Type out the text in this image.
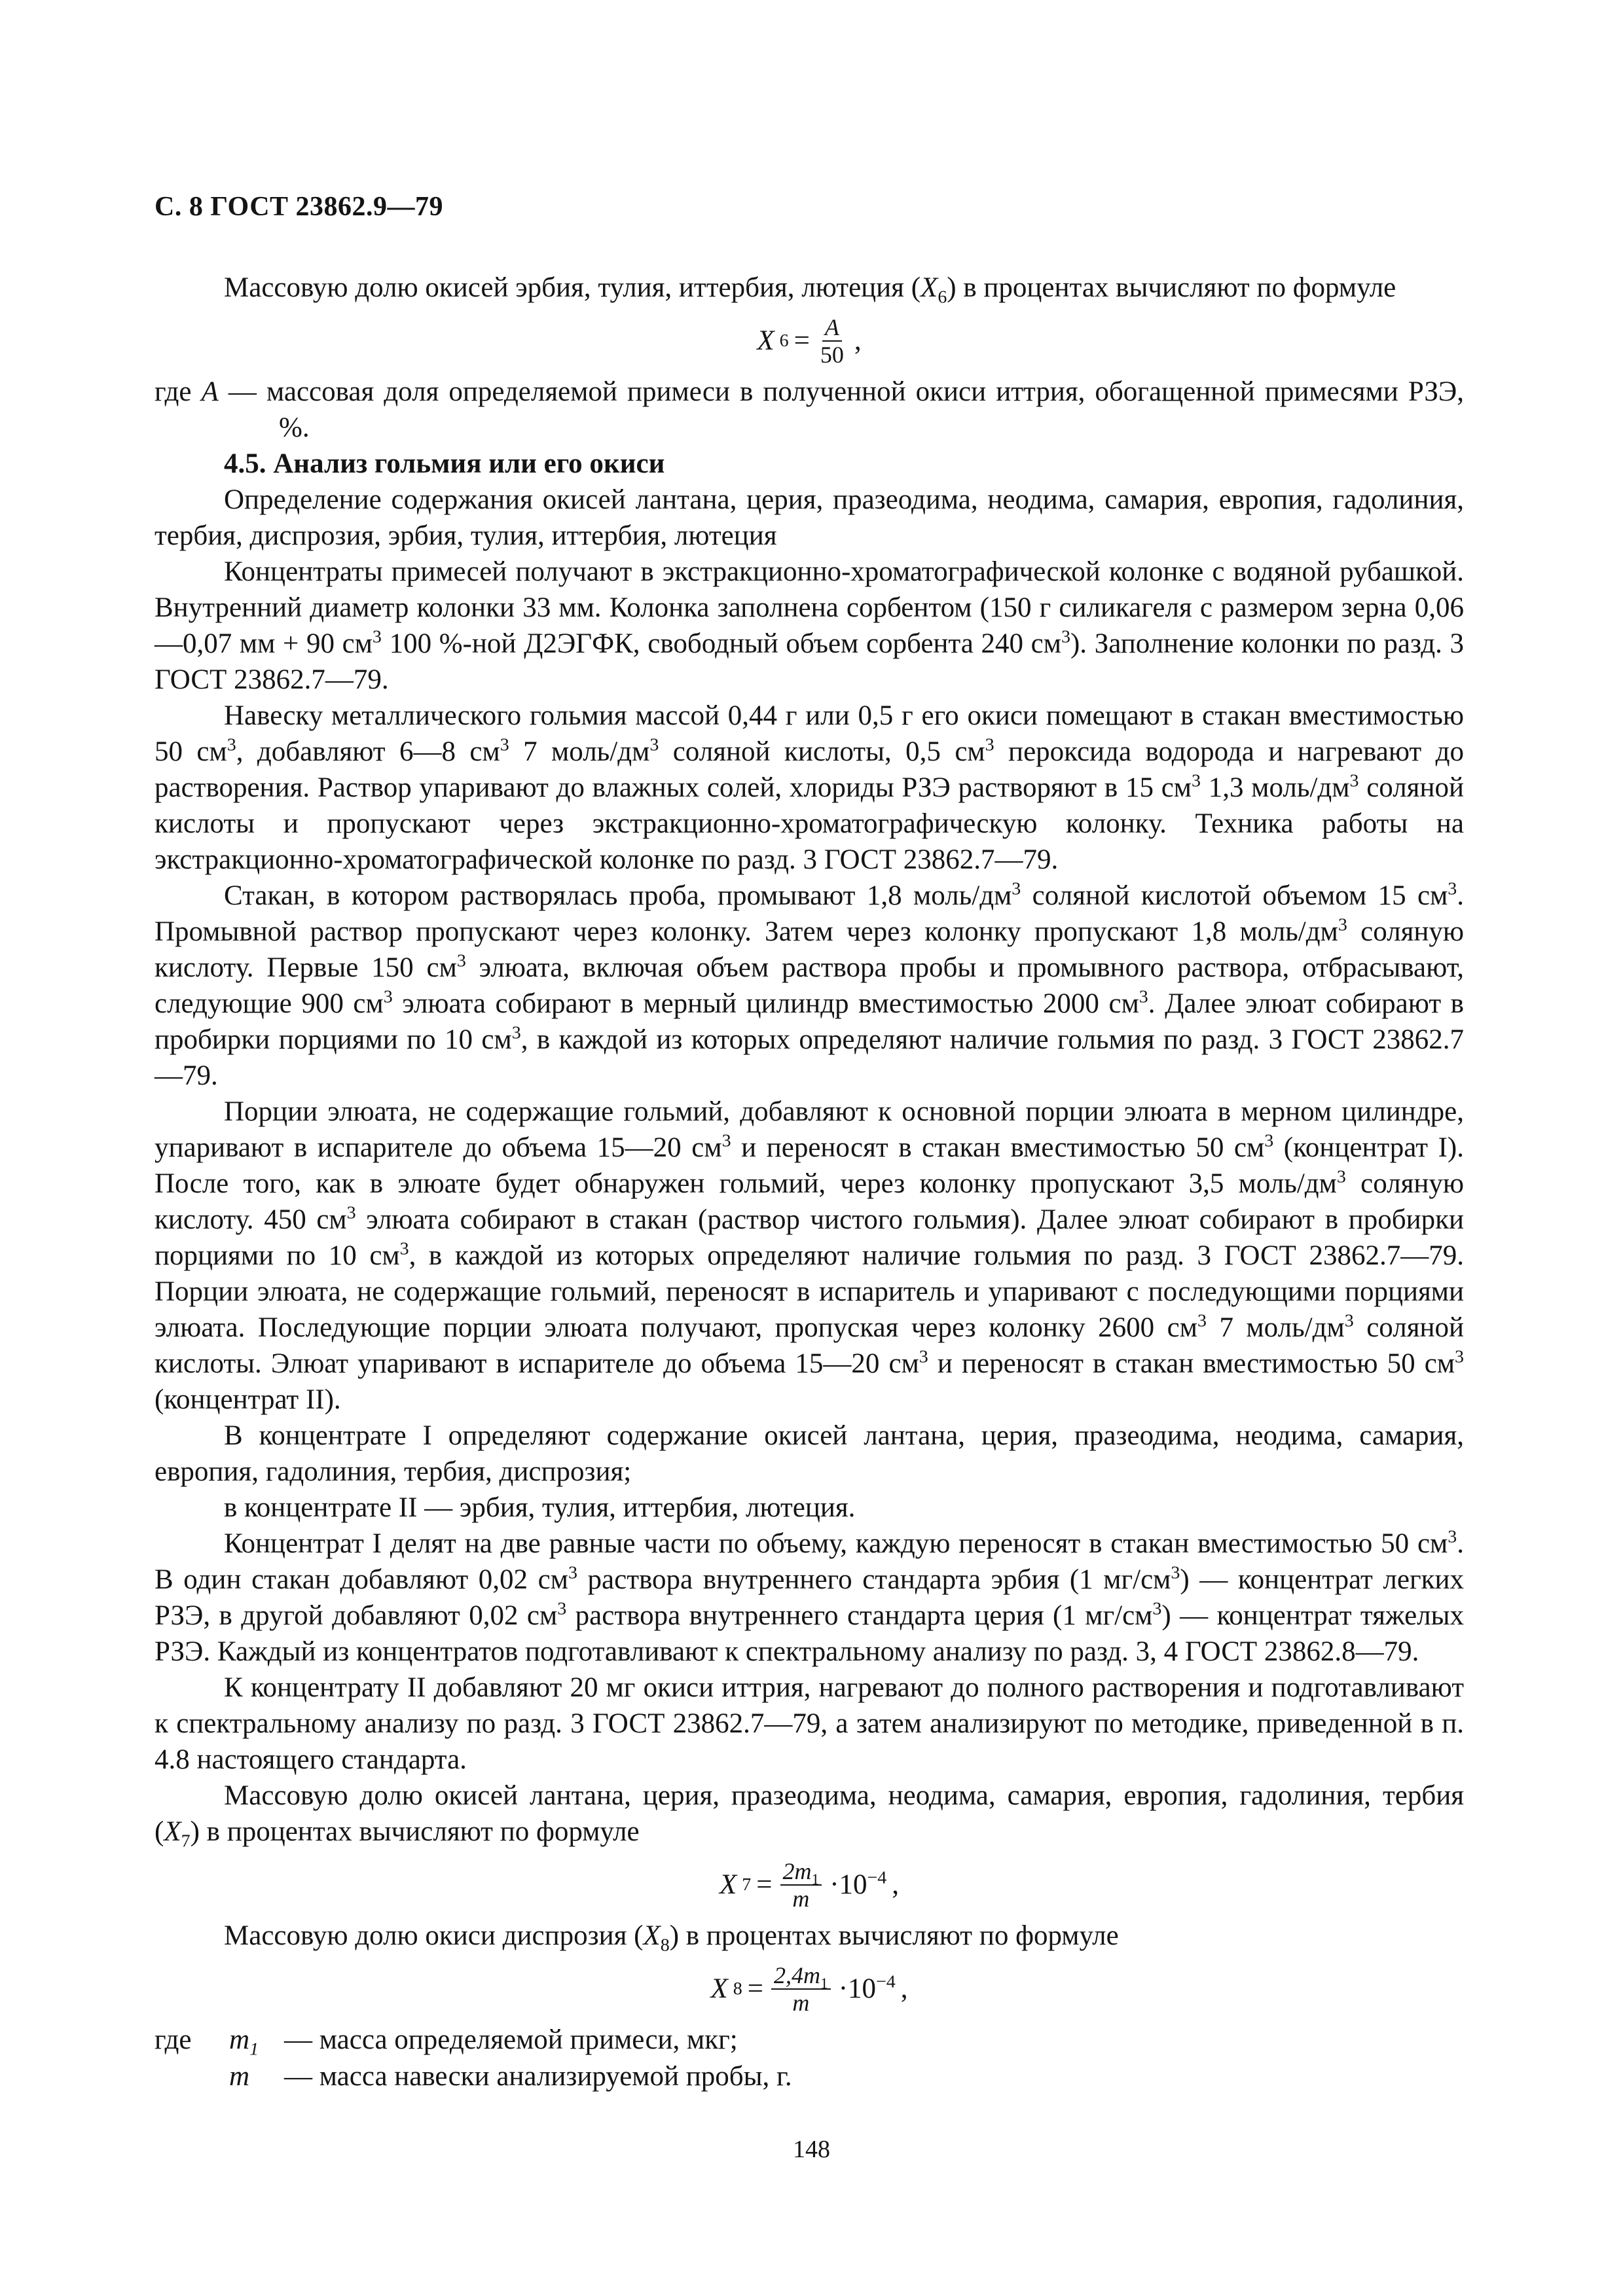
С. 8 ГОСТ 23862.9—79

Массовую долю окисей эрбия, тулия, иттербия, лютеция $(X_6)$ в процентах вычисляют по формуле

X $6 = \frac{A}{50}$ ,

где A — массовая доля определяемой примеси в полученной окиси иттрия, обогащенной примесями РЗЭ, %.

4.5. Анализ гольмия или его окиси

Определение содержания окисей лантана, церия, празеодима, неодима, самария, европия, гадолиния, тербия, диспрозия, эрбия, тулия, иттербия, лютеция

Концентраты примесей получают в экстракционно-хроматографической колонке с водяной рубашкой. Внутренний диаметр колонки 33 мм. Колонка заполнена сорбентом (150 г силикагеля с размером зерна 0,06—0,07 мм + 90 $см^3$ 100 %-ной Д2ЭГФК, свободный объем сорбента 240 $см^3$). Заполнение колонки по разд. 3 ГОСТ 23862.7—79.

Навеску металлического гольмия массой 0,44 г или 0,5 г его окиси помещают в стакан вместимостью 50 $см^3$, добавляют 6—8 $см^3$ 7 моль/$дм^3$ соляной кислоты, 0,5 $см^3$ пероксида водорода и нагревают до растворения. Раствор упаривают до влажных солей, хлориды РЗЭ растворяют в 15 $см^3$ 1,3 моль/$дм^3$ соляной кислоты и пропускают через экстракционно-хроматографическую колонку. Техника работы на экстракционно-хроматографической колонке по разд. 3 ГОСТ 23862.7—79.

Стакан, в котором растворялась проба, промывают 1,8 моль/$дм^3$ соляной кислотой объемом 15 $см^3$. Промывной раствор пропускают через колонку. Затем через колонку пропускают 1,8 моль/$дм^3$ соляную кислоту. Первые 150 $см^3$ элюата, включая объем раствора пробы и промывного раствора, отбрасывают, следующие 900 $см^3$ элюата собирают в мерный цилиндр вместимостью 2000 $см^3$. Далее элюат собирают в пробирки порциями по 10 $см^3$, в каждой из которых определяют наличие гольмия по разд. 3 ГОСТ 23862.7—79.

Порции элюата, не содержащие гольмий, добавляют к основной порции элюата в мерном цилиндре, упаривают в испарителе до объема 15—20 $см^3$ и переносят в стакан вместимостью 50 $см^3$ (концентрат I). После того, как в элюате будет обнаружен гольмий, через колонку пропускают 3,5 моль/$дм^3$ соляную кислоту. 450 $см^3$ элюата собирают в стакан (раствор чистого гольмия). Далее элюат собирают в пробирки порциями по 10 $см^3$, в каждой из которых определяют наличие гольмия по разд. 3 ГОСТ 23862.7—79. Порции элюата, не содержащие гольмий, переносят в испаритель и упаривают с последующими порциями элюата. Последующие порции элюата получают, пропуская через колонку 2600 $см^3$ 7 моль/$дм^3$ соляной кислоты. Элюат упаривают в испарителе до объема 15—20 $см^3$ и переносят в стакан вместимостью 50 $см^3$ (концентрат II).

В концентрате I определяют содержание окисей лантана, церия, празеодима, неодима, самария, европия, гадолиния, тербия, диспрозия;

в концентрате II — эрбия, тулия, иттербия, лютеция.

Концентрат I делят на две равные части по объему, каждую переносят в стакан вместимостью 50 $см^3$. В один стакан добавляют 0,02 $см^3$ раствора внутреннего стандарта эрбия (1 $мг/см^3$) — концентрат легких РЗЭ, в другой добавляют 0,02 $см^3$ раствора внутреннего стандарта церия (1 $мг/см^3$) — концентрат тяжелых РЗЭ. Каждый из концентратов подготавливают к спектральному анализу по разд. 3, 4 ГОСТ 23862.8—79.

К концентрату II добавляют 20 мг окиси иттрия, нагревают до полного растворения и подготавливают к спектральному анализу по разд. 3 ГОСТ 23862.7—79, а затем анализируют по методике, приведенной в п. 4.8 настоящего стандарта.

Массовую долю окисей лантана, церия, празеодима, неодима, самария, европия, гадолиния, тербия $(X_7)$ в процентах вычисляют по формуле

X $7 = \frac{2m_1}{m} \cdot 10^{-4}$ ,

Массовую долю окиси диспрозия $(X_8)$ в процентах вычисляют по формуле

X $8 = \frac{2,4m_1}{m} \cdot 10^{-4}$ ,
где	$m_1$ — масса определяемой примеси, мкг;
m	— масса навески анализируемой пробы, г.
148
